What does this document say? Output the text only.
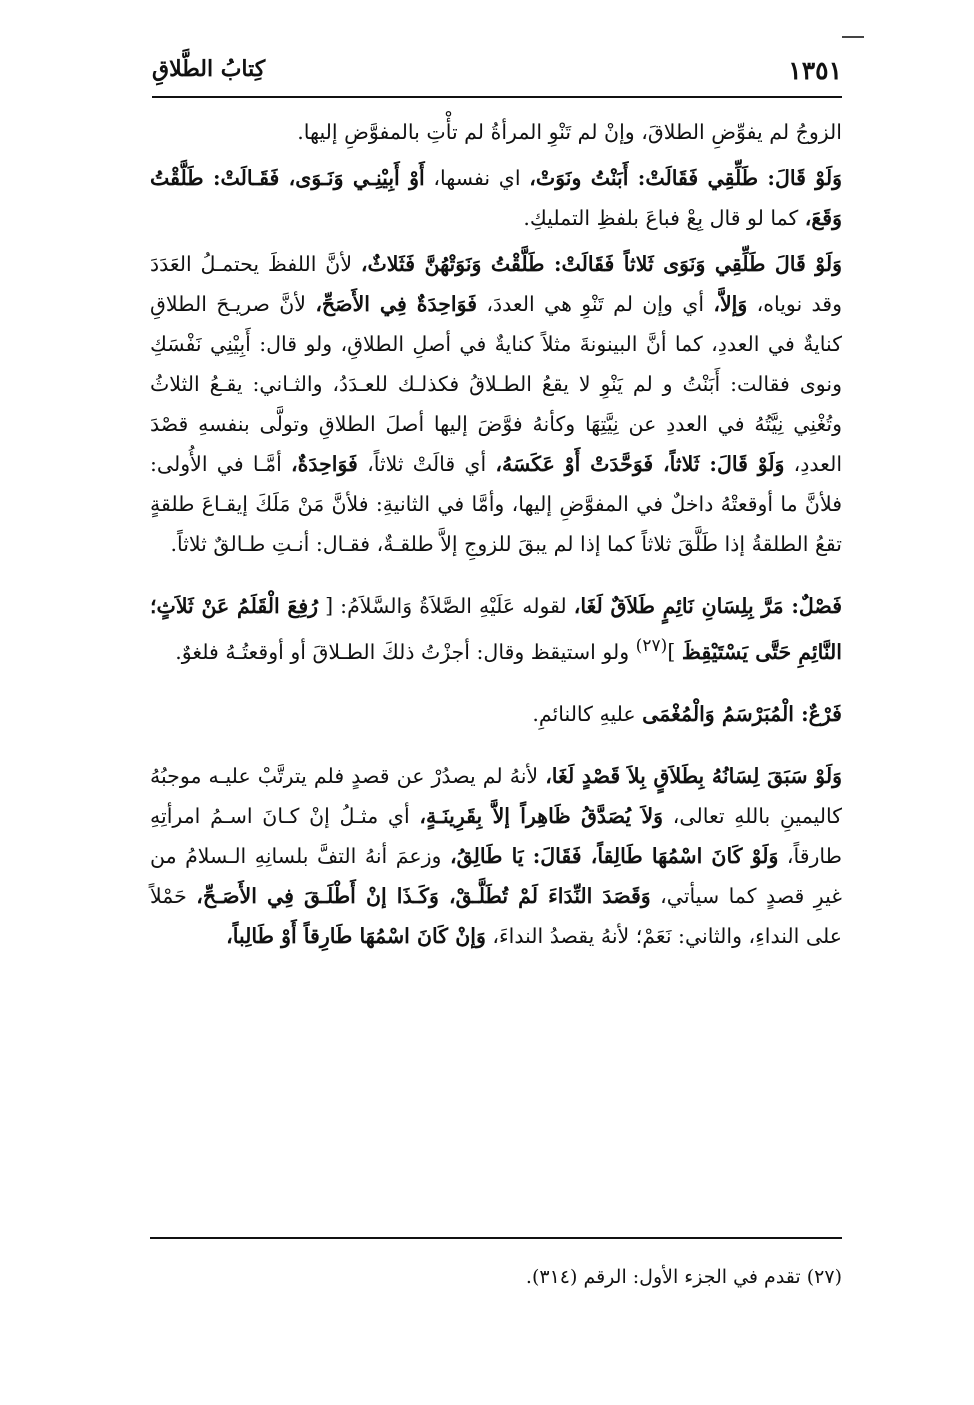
١٣٥١
كِتابُ الطَّلاقِ

الزوجُ لم يفوِّضِ الطلاقَ، وإنْ لم تَنْوِ المرأةُ لم تأْتِ بالمفوَّضِ إليها.

وَلَوْ قَالَ: طَلِّقِي فَقَالَتْ: أَبَنْتُ ونَوَتْ، اي نفسها، أَوْ أَبِيْنِـي وَنَـوَى، فَقَـالَتْ: طَلَّقْتُ وَقَعَ، كما لو قال بِعْ فباعَ بلفظِ التمليكِ.

وَلَوْ قَالَ طَلِّقِي وَنَوَى ثَلاثاً فَقَالَتْ: طَلَّقْتُ وَنَوَتْهُنَّ فَثَلاثٌ، لأنَّ اللفظَ يحتمـلُ العَدَدَ وقد نوياه، وَإلاَّ، أي وإن لم تَنْوِ هي العددَ، فَوَاحِدَةٌ فِي الأَصَحِّ، لأنَّ صريـحَ الطلاقِ كنايةٌ في العددِ، كما أنَّ البينونةَ مثلاً كنايةٌ في أصلِ الطلاقِ، ولو قال: أَبِيْنِي نَفْسَكِ ونوى فقالت: أَبَنْتُ و لم يَنْوِ لا يقعُ الطـلاقُ فكذلـك للعـدَدُ، والثـاني: يقـعُ الثلاثُ وتُغْنِي نِيَّتُهُ في العددِ عن نِيَّتِهَا وكأنهُ فوَّضَ إليها أصلَ الطلاقِ وتولَّى بنفسهِ قصْدَ العددِ، وَلَوْ قَالَ: ثَلاثاً، فَوَحَّدَتْ أَوْ عَكَسَهُ، أي قالَتْ ثلاثاً، فَوَاحِدَةٌ، أمَّـا في الأُولى: فلأنَّ ما أوقعتْهُ داخلٌ في المفوَّضِ إليها، وأمَّا في الثانيةِ: فلأنَّ مَنْ مَلَكَ إيقـاعَ طلقةٍ تقعُ الطلقةُ إذا طَلَّقَ ثلاثاً كما إذا لم يبقَ للزوجِ إلاَّ طلقـةٌ، فقـال: أنـتِ طـالقٌ ثلاثاً.

فَصْلٌ: مَرَّ بِلِسَانِ نَائِمٍ طَلاَقٌ لَغَا، لقوله عَلَيْهِ الصَّلاَةُ وَالسَّلاَمُ: [ رُفِعَ الْقَلَمُ عَنْ ثَلاَثٍ؛ النَّائِمِ حَتَّى يَسْتَيْقِظَ ]$^{(٢٧)}$ ولو استيقظ وقال: أجزْتُ ذلكَ الطـلاقَ أو أوقعتُـهُ فلغوٌ.

فَرْعٌ: الْمُبَرْسَمُ وَالْمُغْمَى عليهِ كالنائمِ.

وَلَوْ سَبَقَ لِسَانُهُ بِطَلاَقٍ بِلاَ قَصْدٍ لَغَا، لأنهُ لم يصدُرْ عن قصدٍ فلم يترتَّبْ عليـه موجبُهُ كاليمينِ باللهِ تعالى، وَلاَ يُصَدَّقُ ظَاهِراً إلاَّ بِقَرِينَـةٍ، أي مثـلُ إنْ كـانَ اسـمُ امرأتِهِ طارقاً، وَلَوْ كَانَ اسْمُهَا طَالِقاً، فَقَالَ: يَا طَالِقُ، وزعمَ أنهُ التفَّ بلسانِهِ الـسلامُ من غيرِ قصدٍ كما سيأتي، وَقَصَدَ النِّدَاءَ لَمْ تُطَلَّـقْ، وَكَـذَا إنْ أَطْلَـقَ فِي الأَصَـحِّ، حَمْلاً على النداءِ، والثاني: نَعَمْ؛ لأنهُ يقصدُ النداءَ، وَإنْ كَانَ اسْمُهَا طَارِقاً أَوْ طَالِباً،

(٢٧) تقدم في الجزء الأول: الرقم (٣١٤).
